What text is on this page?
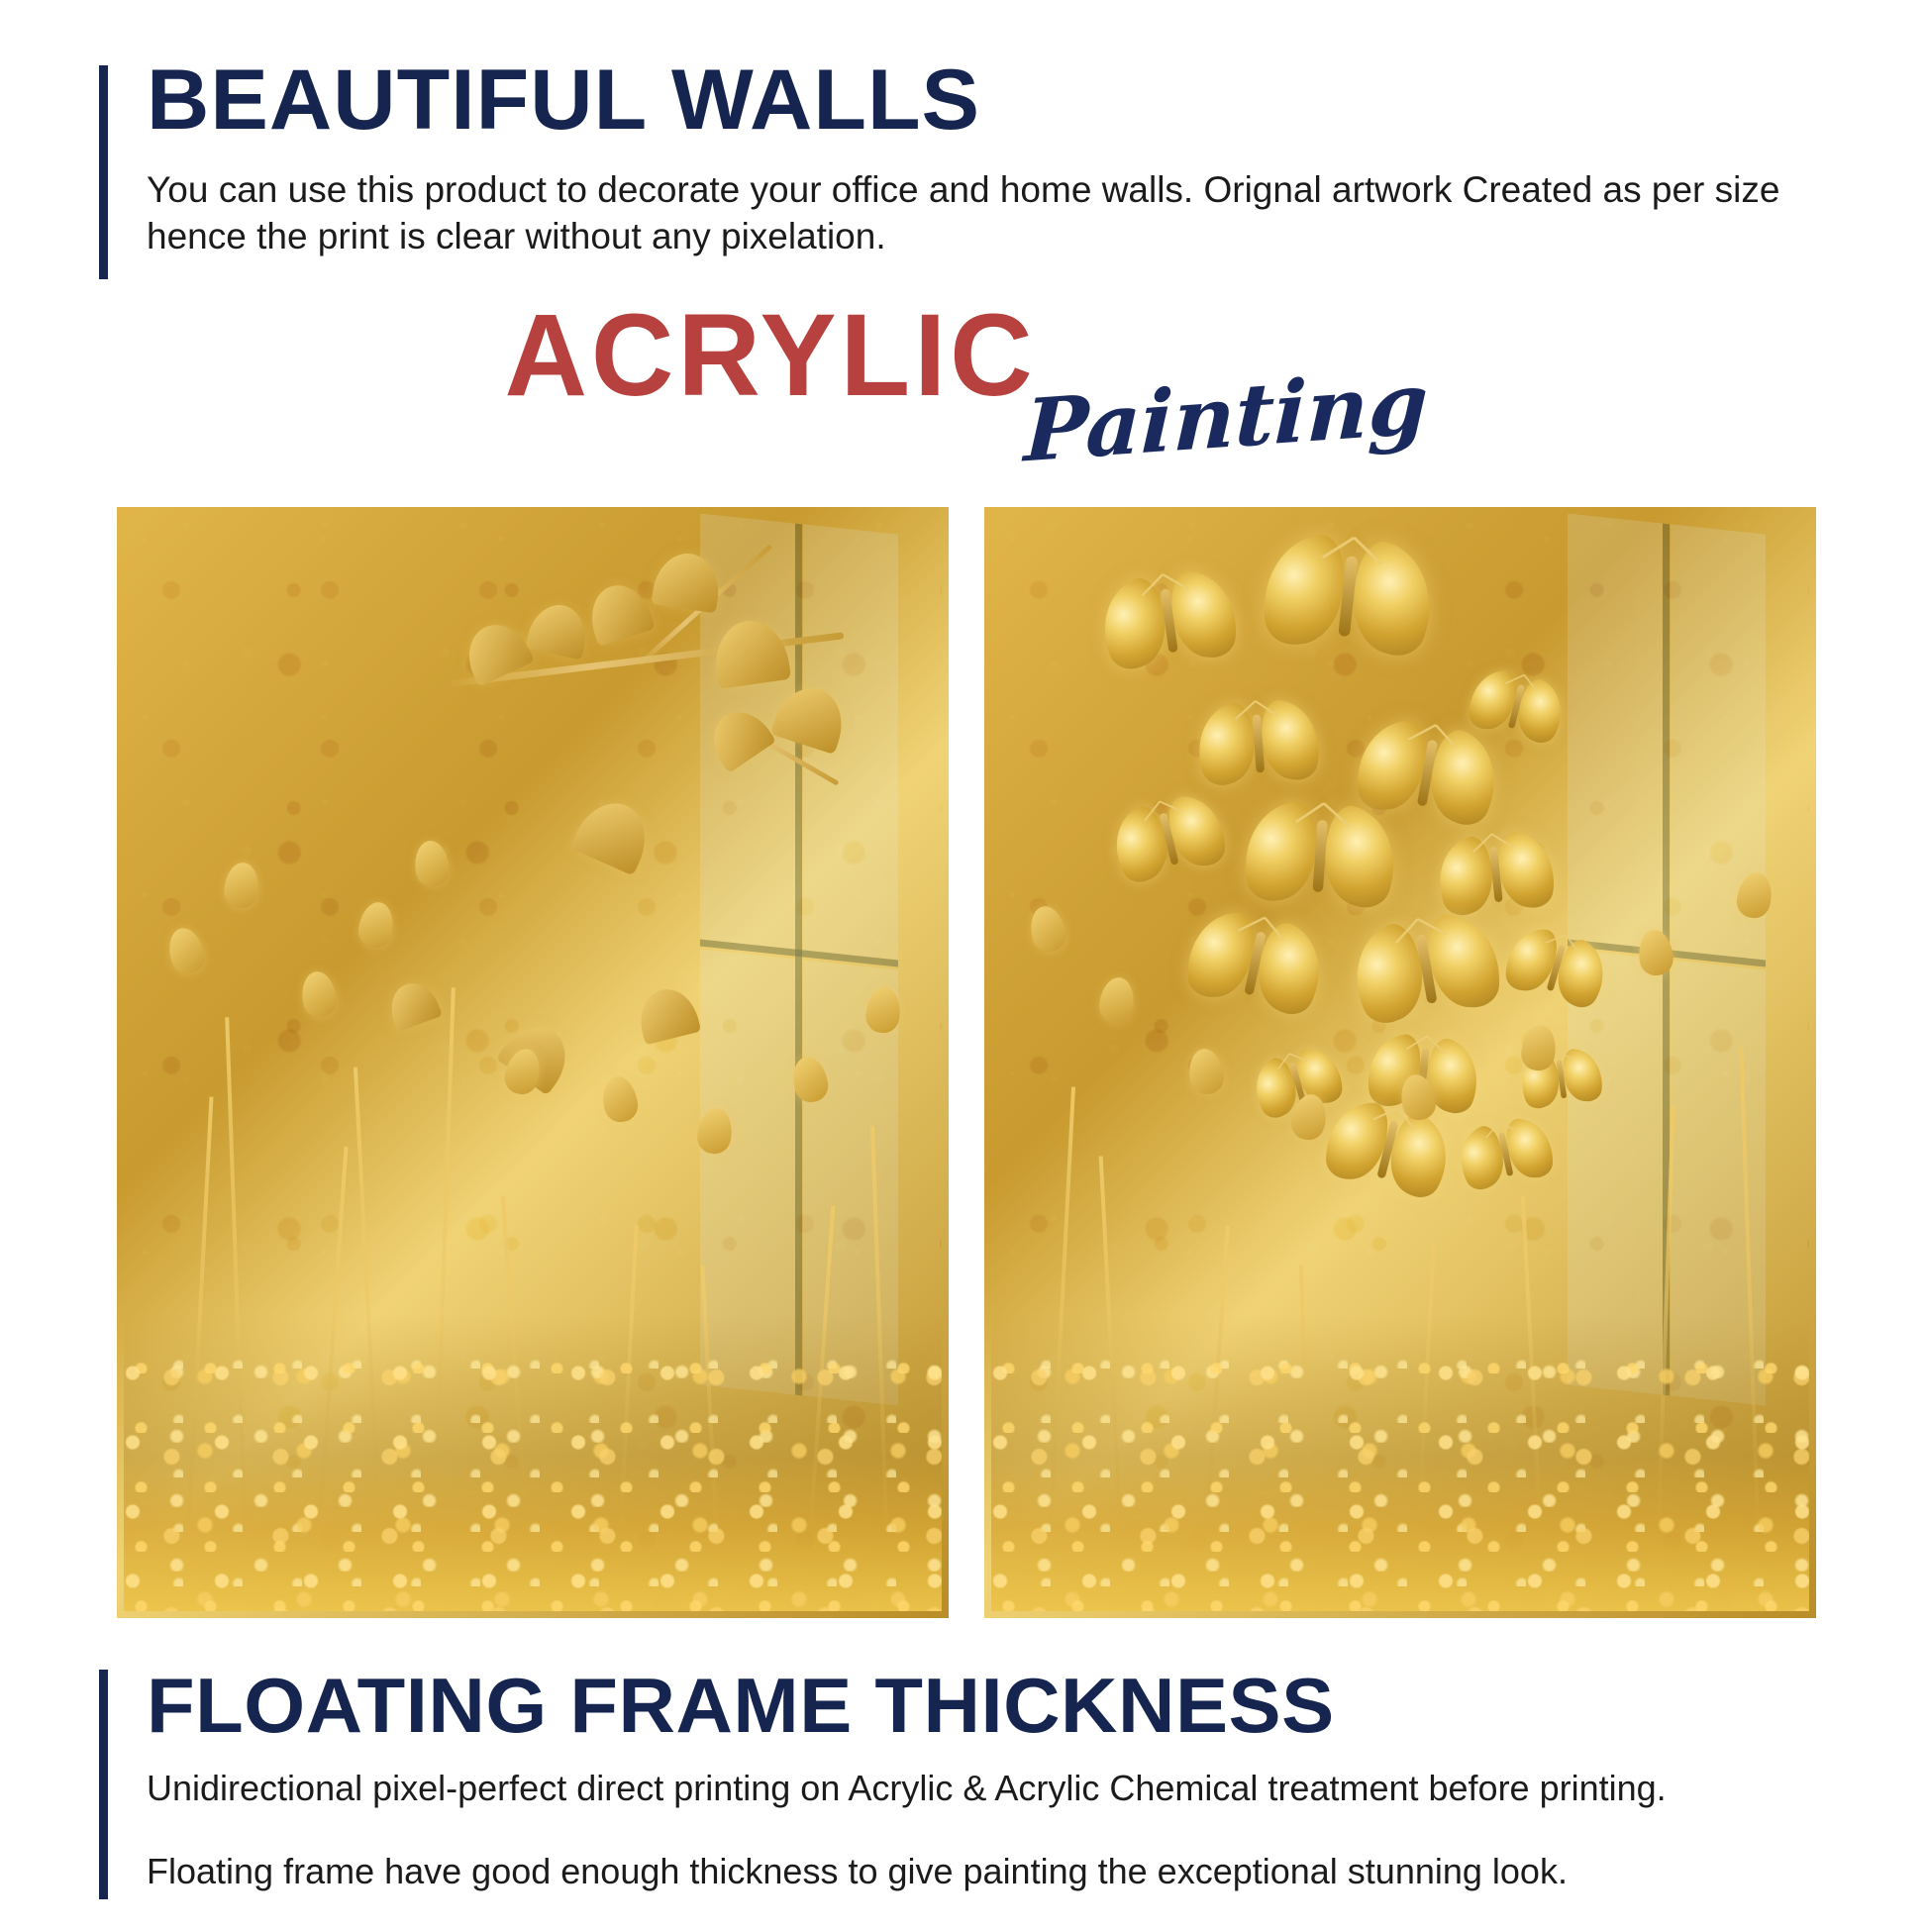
BEAUTIFUL WALLS

You can use this product to decorate your office and home walls. Orignal artwork Created as per size hence the print is clear without any pixelation.

ACRYLICPainting
FLOATING FRAME THICKNESS

Unidirectional pixel-perfect direct printing on Acrylic & Acrylic Chemical treatment before printing.

Floating frame have good enough thickness to give painting the exceptional stunning look.
